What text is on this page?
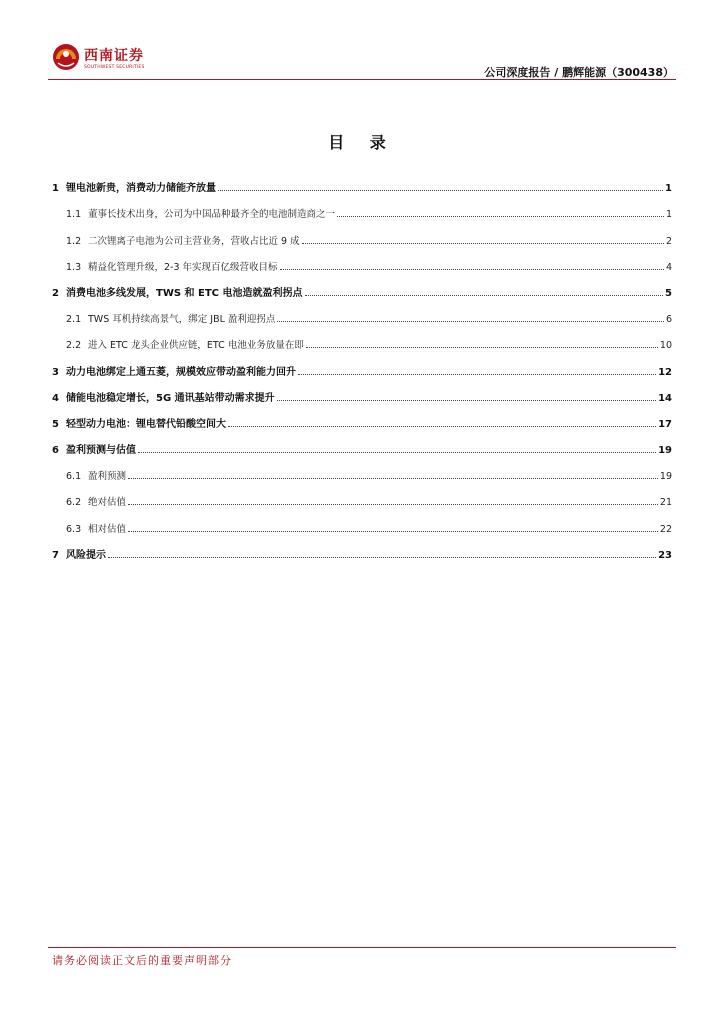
西南证券
SOUTHWEST SECURITIES	公司深度报告 / 鹏辉能源（300438）
目 录
1 锂电池新贵，消费动力储能齐放量	1
1.1 董事长技术出身，公司为中国品种最齐全的电池制造商之一	1
1.2 二次锂离子电池为公司主营业务，营收占比近 9 成	2
1.3 精益化管理升级，2-3 年实现百亿级营收目标	4
2 消费电池多线发展，TWS 和 ETC 电池造就盈利拐点	5
2.1 TWS 耳机持续高景气，绑定 JBL 盈利迎拐点	6
2.2 进入 ETC 龙头企业供应链，ETC 电池业务放量在即	10
3 动力电池绑定上通五菱，规模效应带动盈利能力回升	12
4 储能电池稳定增长，5G 通讯基站带动需求提升	14
5 轻型动力电池：锂电替代铅酸空间大	17
6 盈利预测与估值	19
6.1 盈利预测	19
6.2 绝对估值	21
6.3 相对估值	22
7 风险提示	23
请务必阅读正文后的重要声明部分
